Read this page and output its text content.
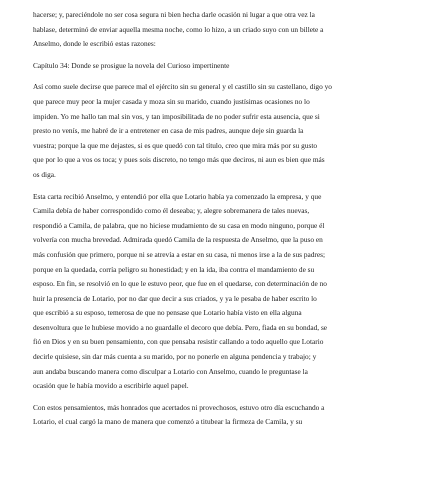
hacerse; y, pareciéndole no ser cosa segura ni bien hecha darle ocasión ni lugar a que otra vez la
hablase, determinó de enviar aquella mesma noche, como lo hizo, a un criado suyo con un billete a
Anselmo, donde le escribió estas razones:

Capítulo 34: Donde se prosigue la novela del Curioso impertinente

Así como suele decirse que parece mal el ejército sin su general y el castillo sin su castellano, digo yo
que parece muy peor la mujer casada y moza sin su marido, cuando justísimas ocasiones no lo
impiden. Yo me hallo tan mal sin vos, y tan imposibilitada de no poder sufrir esta ausencia, que si
presto no venís, me habré de ir a entretener en casa de mis padres, aunque deje sin guarda la
vuestra; porque la que me dejastes, si es que quedó con tal título, creo que mira más por su gusto
que por lo que a vos os toca; y pues sois discreto, no tengo más que deciros, ni aun es bien que más
os diga.

Esta carta recibió Anselmo, y entendió por ella que Lotario había ya comenzado la empresa, y que
Camila debía de haber correspondido como él deseaba; y, alegre sobremanera de tales nuevas,
respondió a Camila, de palabra, que no hiciese mudamiento de su casa en modo ninguno, porque él
volvería con mucha brevedad. Admirada quedó Camila de la respuesta de Anselmo, que la puso en
más confusión que primero, porque ni se atrevía a estar en su casa, ni menos irse a la de sus padres;
porque en la quedada, corría peligro su honestidad; y en la ida, iba contra el mandamiento de su
esposo. En fin, se resolvió en lo que le estuvo peor, que fue en el quedarse, con determinación de no
huir la presencia de Lotario, por no dar que decir a sus criados, y ya le pesaba de haber escrito lo
que escribió a su esposo, temerosa de que no pensase que Lotario había visto en ella alguna
desenvoltura que le hubiese movido a no guardalle el decoro que debía. Pero, fiada en su bondad, se
fió en Dios y en su buen pensamiento, con que pensaba resistir callando a todo aquello que Lotario
decirle quisiese, sin dar más cuenta a su marido, por no ponerle en alguna pendencia y trabajo; y
aun andaba buscando manera como disculpar a Lotario con Anselmo, cuando le preguntase la
ocasión que le había movido a escribirle aquel papel.

Con estos pensamientos, más honrados que acertados ni provechosos, estuvo otro día escuchando a
Lotario, el cual cargó la mano de manera que comenzó a titubear la firmeza de Camila, y su
